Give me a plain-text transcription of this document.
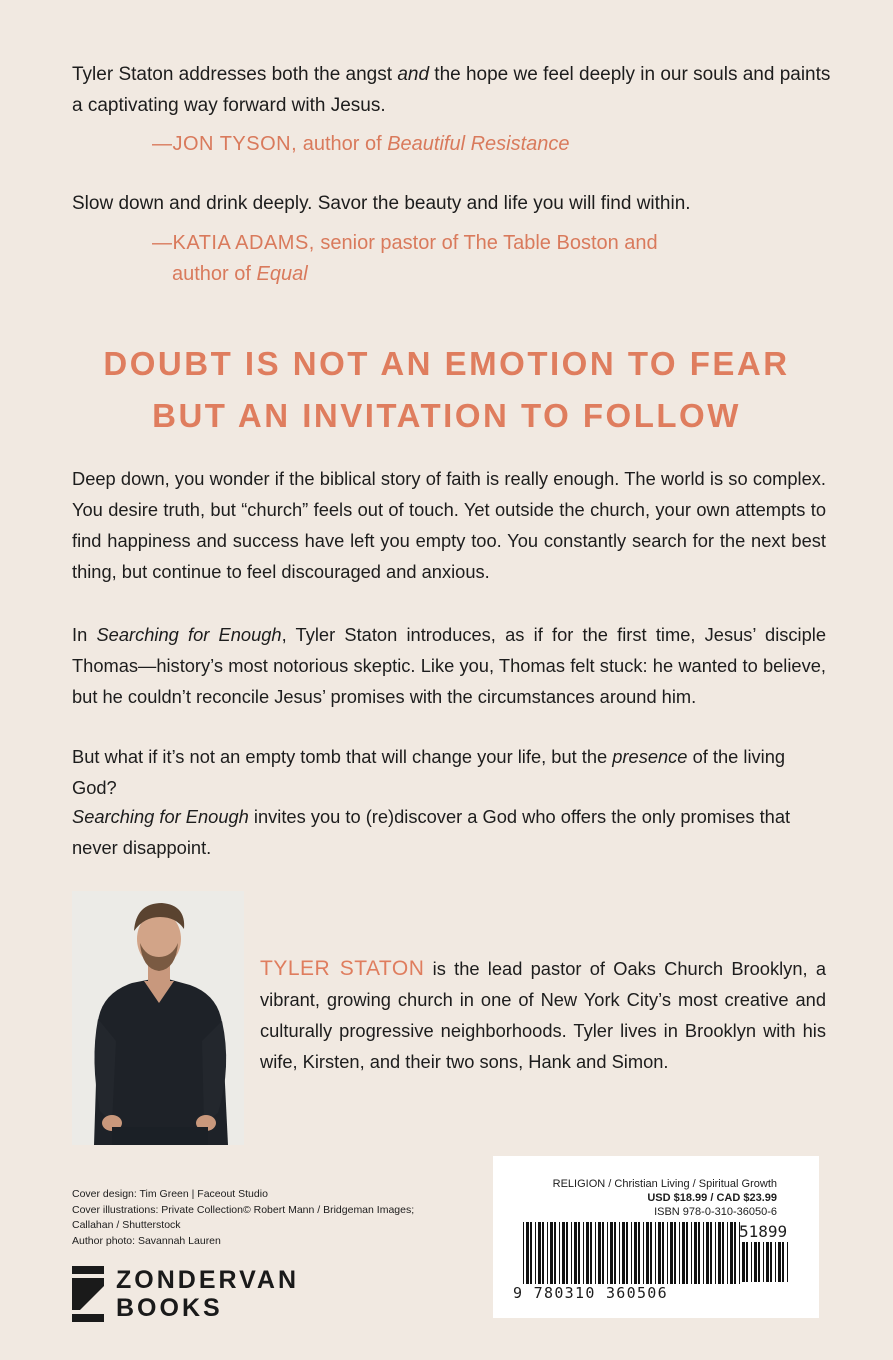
Tyler Staton addresses both the angst and the hope we feel deeply in our souls and paints a captivating way forward with Jesus.

—JON TYSON, author of Beautiful Resistance

Slow down and drink deeply. Savor the beauty and life you will find within.

—KATIA ADAMS, senior pastor of The Table Boston and
author of Equal

DOUBT IS NOT AN EMOTION TO FEAR
BUT AN INVITATION TO FOLLOW

Deep down, you wonder if the biblical story of faith is really enough. The world is so complex. You desire truth, but “church” feels out of touch. Yet outside the church, your own attempts to find happiness and success have left you empty too. You constantly search for the next best thing, but continue to feel discouraged and anxious.

In Searching for Enough, Tyler Staton introduces, as if for the first time, Jesus’ disciple Thomas—history’s most notorious skeptic. Like you, Thomas felt stuck: he wanted to believe, but he couldn’t reconcile Jesus’ promises with the circumstances around him.

But what if it’s not an empty tomb that will change your life, but the presence of the living God?

Searching for Enough invites you to (re)discover a God who offers the only promises that never disappoint.

TYLER STATON is the lead pastor of Oaks Church Brooklyn, a vibrant, growing church in one of New York City’s most creative and culturally progressive neighborhoods. Tyler lives in Brooklyn with his wife, Kirsten, and their two sons, Hank and Simon.

Cover design: Tim Green | Faceout Studio
Cover illustrations: Private Collection© Robert Mann / Bridgeman Images;
Callahan / Shutterstock
Author photo: Savannah Lauren
ZONDERVAN
BOOKS
RELIGION / Christian Living / Spiritual Growth
USD $18.99 / CAD $23.99
ISBN 978-0-310-36050-6
51899
9 780310 360506
